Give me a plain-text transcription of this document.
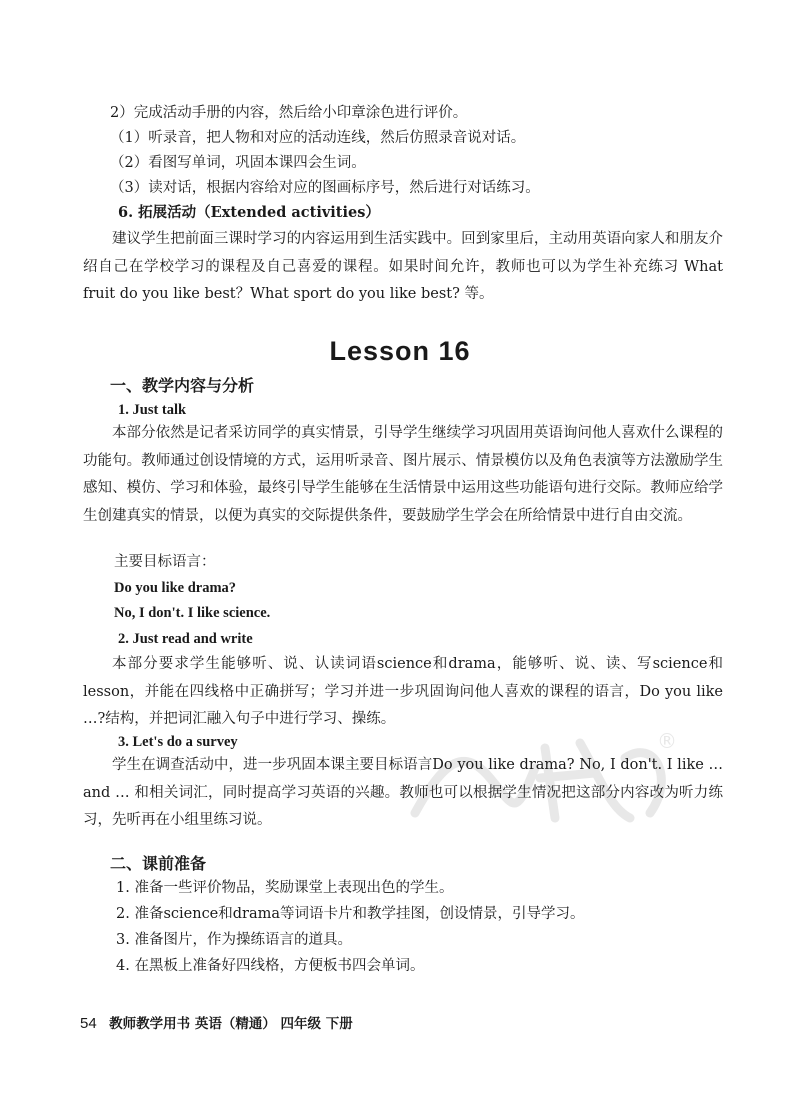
®
2）完成活动手册的内容，然后给小印章涂色进行评价。
（1）听录音，把人物和对应的活动连线，然后仿照录音说对话。
（2）看图写单词，巩固本课四会生词。
（3）读对话，根据内容给对应的图画标序号，然后进行对话练习。
6. 拓展活动（Extended activities）

建议学生把前面三课时学习的内容运用到生活实践中。回到家里后，主动用英语向家人和朋友介绍自己在学校学习的课程及自己喜爱的课程。如果时间允许，教师也可以为学生补充练习 What fruit do you like best？What sport do you like best? 等。

Lesson 16
一、教学内容与分析
1. Just talk

本部分依然是记者采访同学的真实情景，引导学生继续学习巩固用英语询问他人喜欢什么课程的功能句。教师通过创设情境的方式，运用听录音、图片展示、情景模仿以及角色表演等方法激励学生感知、模仿、学习和体验，最终引导学生能够在生活情景中运用这些功能语句进行交际。教师应给学生创建真实的情景，以便为真实的交际提供条件，要鼓励学生学会在所给情景中进行自由交流。

主要目标语言：
Do you like drama?
No, I don't. I like science.
2. Just read and write

本部分要求学生能够听、说、认读词语science和drama，能够听、说、读、写science和lesson，并能在四线格中正确拼写；学习并进一步巩固询问他人喜欢的课程的语言，Do you like …?结构，并把词汇融入句子中进行学习、操练。

3. Let's do a survey

学生在调查活动中，进一步巩固本课主要目标语言Do you like drama? No, I don't. I like … and … 和相关词汇，同时提高学习英语的兴趣。教师也可以根据学生情况把这部分内容改为听力练习，先听再在小组里练习说。

二、课前准备
1. 准备一些评价物品，奖励课堂上表现出色的学生。
2. 准备science和drama等词语卡片和教学挂图，创设情景，引导学习。
3. 准备图片，作为操练语言的道具。
4. 在黑板上准备好四线格，方便板书四会单词。
54 教师教学用书 英语（精通） 四年级 下册
